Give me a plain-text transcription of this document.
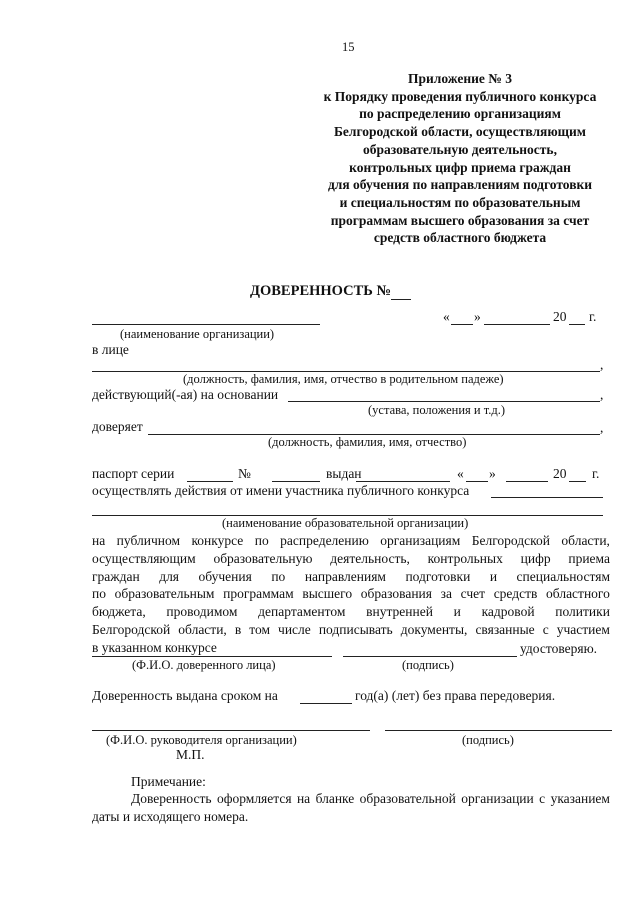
15
Приложение № 3
к Порядку проведения публичного конкурса
по распределению организациям
Белгородской области, осуществляющим
образовательную деятельность,
контрольных цифр приема граждан
для обучения по направлениям подготовки
и специальностям по образовательным
программам высшего образования за счет
средств областного бюджета
ДОВЕРЕННОСТЬ №
« »	20 г.
(наименование организации)
в лице
,
(должность, фамилия, имя, отчество в родительном падеже)
действующий(-ая) на основании	,
(устава, положения и т.д.)
доверяет	,
(должность, фамилия, имя, отчество)
паспорт серии	№	выдан	« »	20 г.
осуществлять действия от имени участника публичного конкурса
(наименование образовательной организации)
на публичном конкурсе по распределению организациям Белгородской области,
осуществляющим образовательную деятельность, контрольных цифр приема
граждан для обучения по направлениям подготовки и специальностям
по образовательным программам высшего образования за счет средств областного
бюджета, проводимом департаментом внутренней и кадровой политики
Белгородской области, в том числе подписывать документы, связанные с участием
в указанном конкурсе	удостоверяю.
(Ф.И.О. доверенного лица)	(подпись)
Доверенность выдана сроком на	год(а) (лет) без права передоверия.
(Ф.И.О. руководителя организации)	(подпись)
М.П.
Примечание:
Доверенность оформляется на бланке образовательной организации с указанием
даты и исходящего номера.
